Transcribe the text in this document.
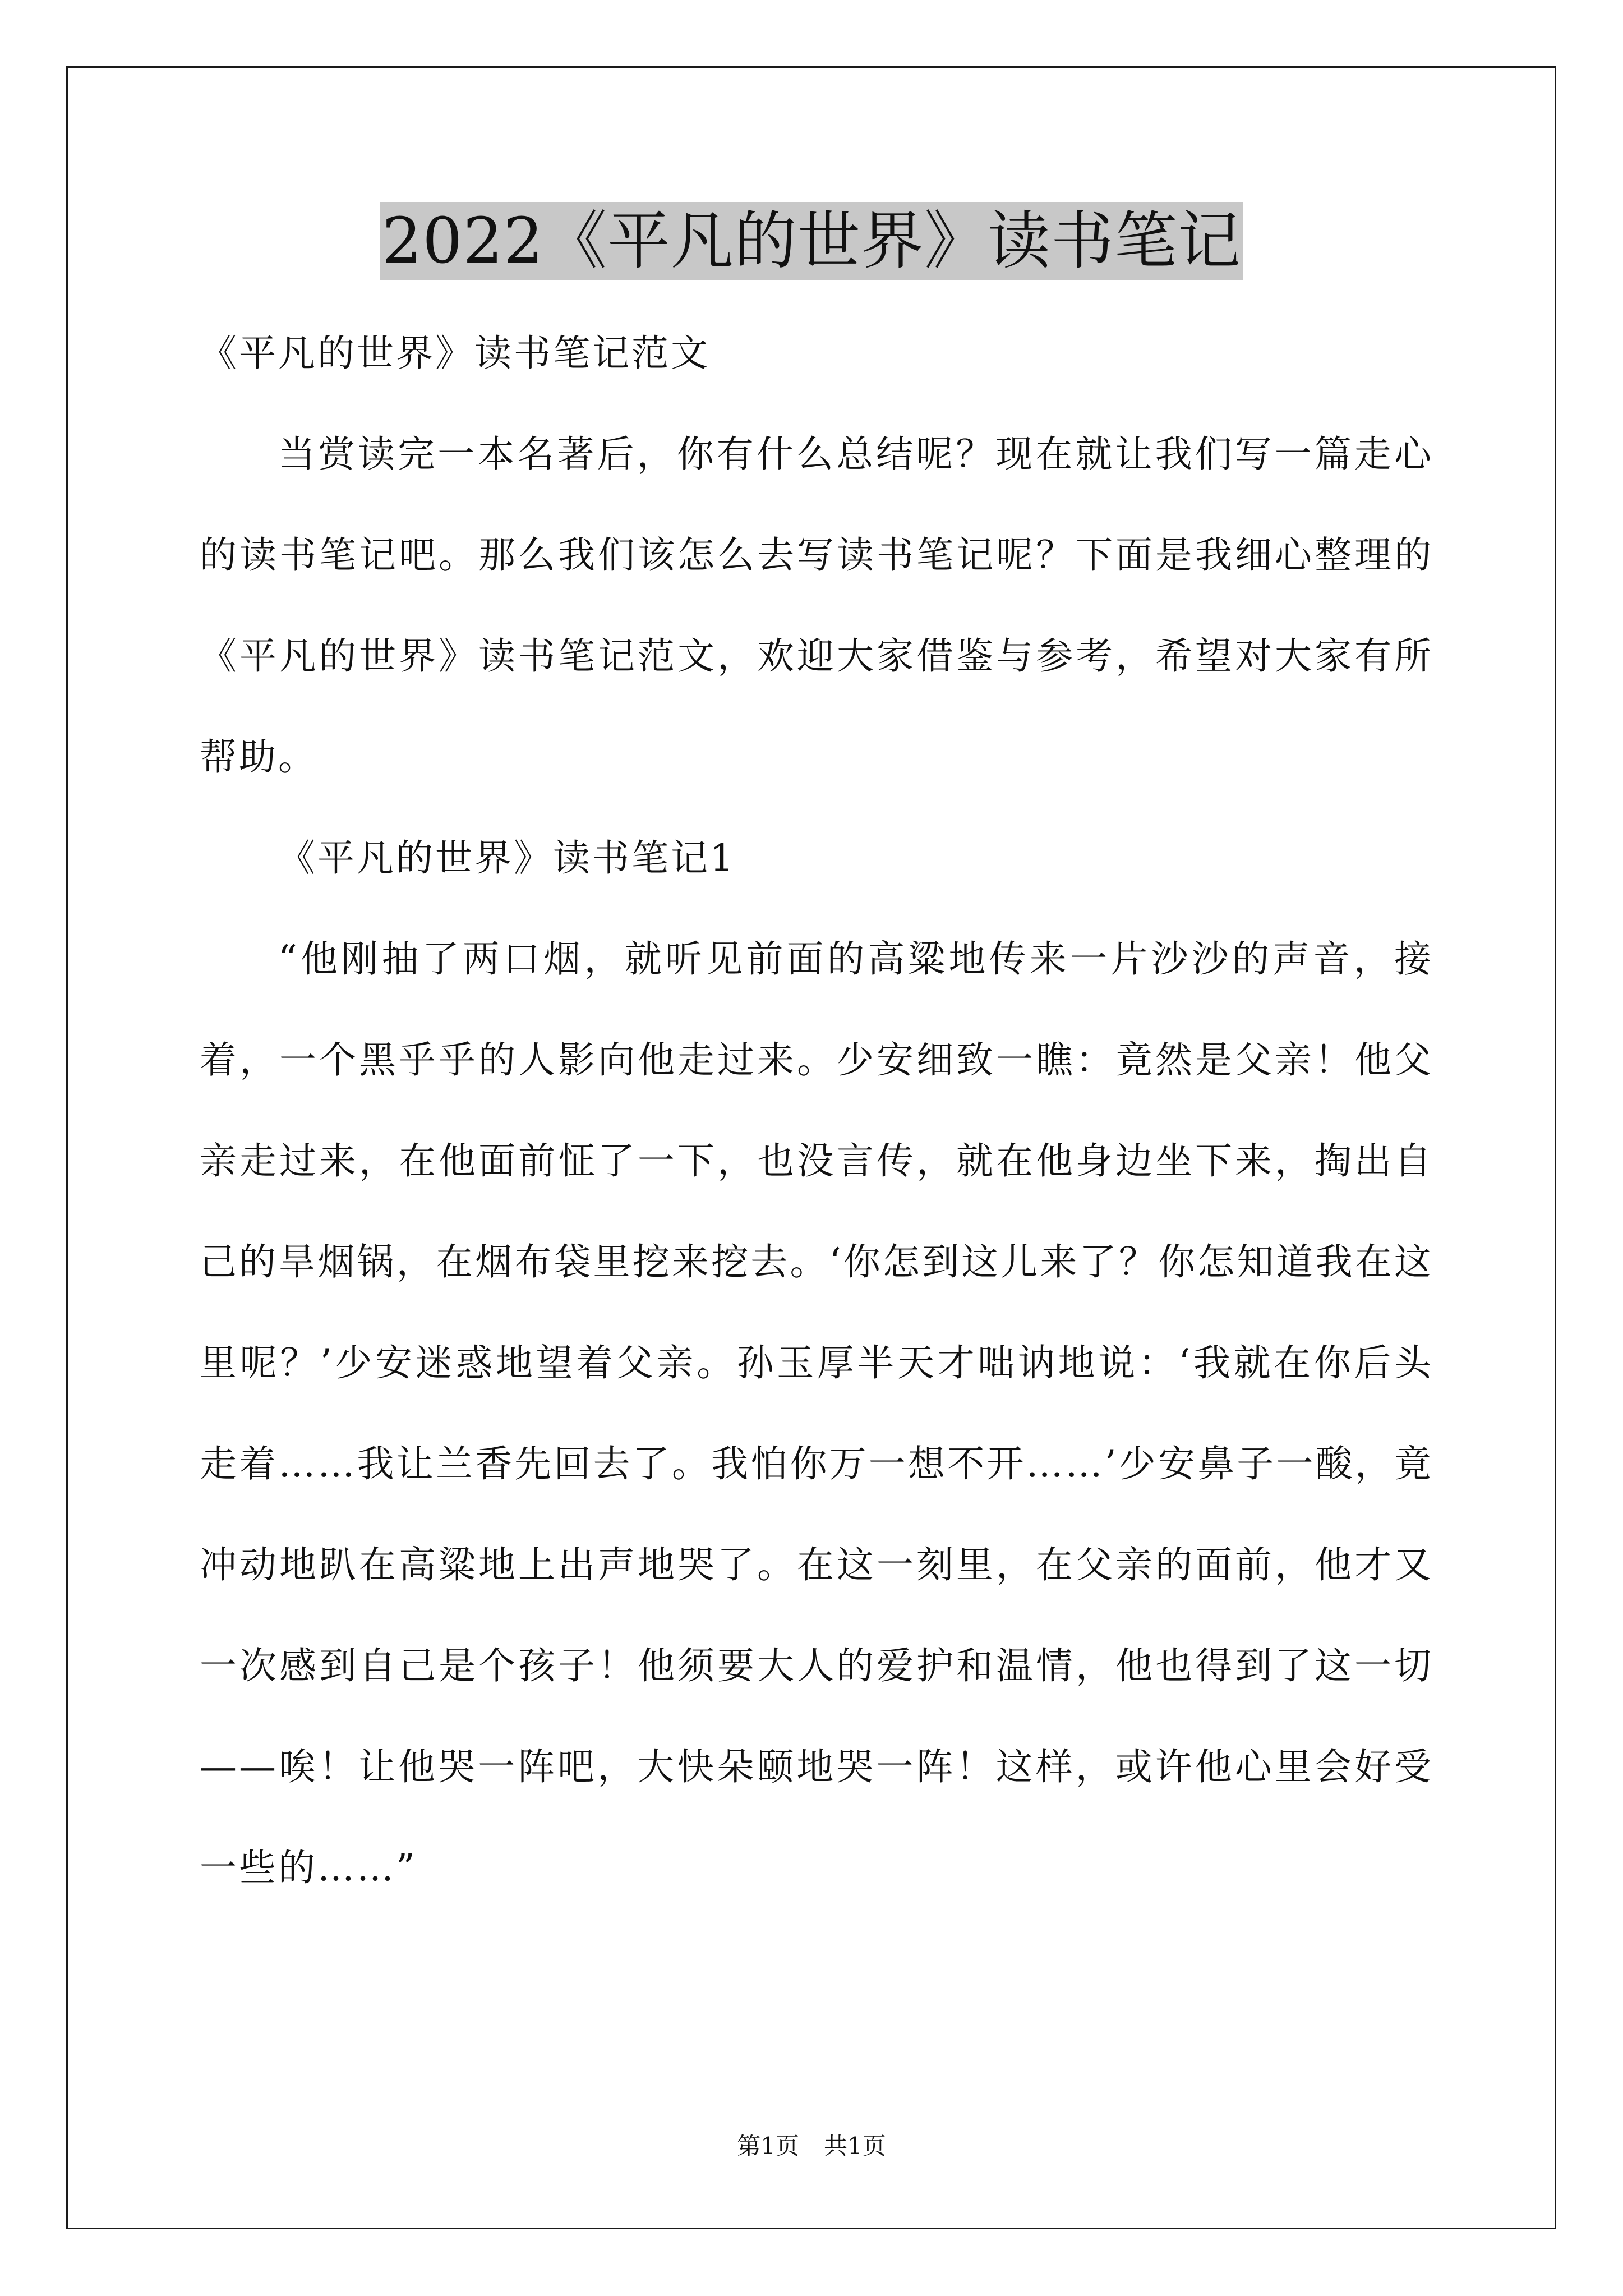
2022《平凡的世界》读书笔记

《平凡的世界》读书笔记范文

当赏读完一本名著后，你有什么总结呢？现在就让我们写一篇走心的读书笔记吧。那么我们该怎么去写读书笔记呢？下面是我细心整理的《平凡的世界》读书笔记范文，欢迎大家借鉴与参考，希望对大家有所帮助。

《平凡的世界》读书笔记1

“他刚抽了两口烟，就听见前面的高粱地传来一片沙沙的声音，接着，一个黑乎乎的人影向他走过来。少安细致一瞧：竟然是父亲！他父亲走过来，在他面前怔了一下，也没言传，就在他身边坐下来，掏出自己的旱烟锅，在烟布袋里挖来挖去。‘你怎到这儿来了？你怎知道我在这里呢？’少安迷惑地望着父亲。孙玉厚半天才咄讷地说：‘我就在你后头走着……我让兰香先回去了。我怕你万一想不开……’少安鼻子一酸，竟冲动地趴在高粱地上出声地哭了。在这一刻里，在父亲的面前，他才又一次感到自己是个孩子！他须要大人的爱护和温情，他也得到了这一切——唉！让他哭一阵吧，大快朵颐地哭一阵！这样，或许他心里会好受一些的……”

第1页 共1页
